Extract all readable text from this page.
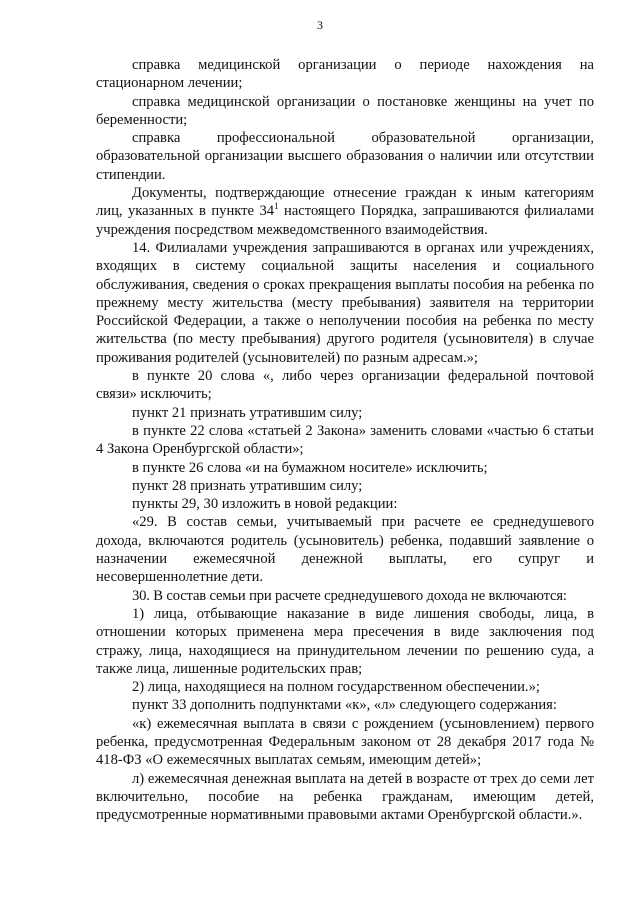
3

справка медицинской организации о периоде нахождения на стационарном лечении;

справка медицинской организации о постановке женщины на учет по беременности;

справка профессиональной образовательной организации, образовательной организации высшего образования о наличии или отсутствии стипендии.

Документы, подтверждающие отнесение граждан к иным категориям лиц, указанных в пункте $34^1$ настоящего Порядка, запрашиваются филиалами учреждения посредством межведомственного взаимодействия.

14. Филиалами учреждения запрашиваются в органах или учреждениях, входящих в систему социальной защиты населения и социального обслуживания, сведения о сроках прекращения выплаты пособия на ребенка по прежнему месту жительства (месту пребывания) заявителя на территории Российской Федерации, а также о неполучении пособия на ребенка по месту жительства (по месту пребывания) другого родителя (усыновителя) в случае проживания родителей (усыновителей) по разным адресам.»;

в пункте 20 слова «, либо через организации федеральной почтовой связи» исключить;

пункт 21 признать утратившим силу;

в пункте 22 слова «статьей 2 Закона» заменить словами «частью 6 статьи 4 Закона Оренбургской области»;

в пункте 26 слова «и на бумажном носителе» исключить;

пункт 28 признать утратившим силу;

пункты 29, 30 изложить в новой редакции:

«29. В состав семьи, учитываемый при расчете ее среднедушевого дохода, включаются родитель (усыновитель) ребенка, подавший заявление о назначении ежемесячной денежной выплаты, его супруг и несовершеннолетние дети.

30. В состав семьи при расчете среднедушевого дохода не включаются:

1) лица, отбывающие наказание в виде лишения свободы, лица, в отношении которых применена мера пресечения в виде заключения под стражу, лица, находящиеся на принудительном лечении по решению суда, а также лица, лишенные родительских прав;

2) лица, находящиеся на полном государственном обеспечении.»;

пункт 33 дополнить подпунктами «к», «л» следующего содержания:

«к) ежемесячная выплата в связи с рождением (усыновлением) первого ребенка, предусмотренная Федеральным законом от 28 декабря 2017 года № 418-ФЗ «О ежемесячных выплатах семьям, имеющим детей»;

л) ежемесячная денежная выплата на детей в возрасте от трех до семи лет включительно, пособие на ребенка гражданам, имеющим детей, предусмотренные нормативными правовыми актами Оренбургской области.».
